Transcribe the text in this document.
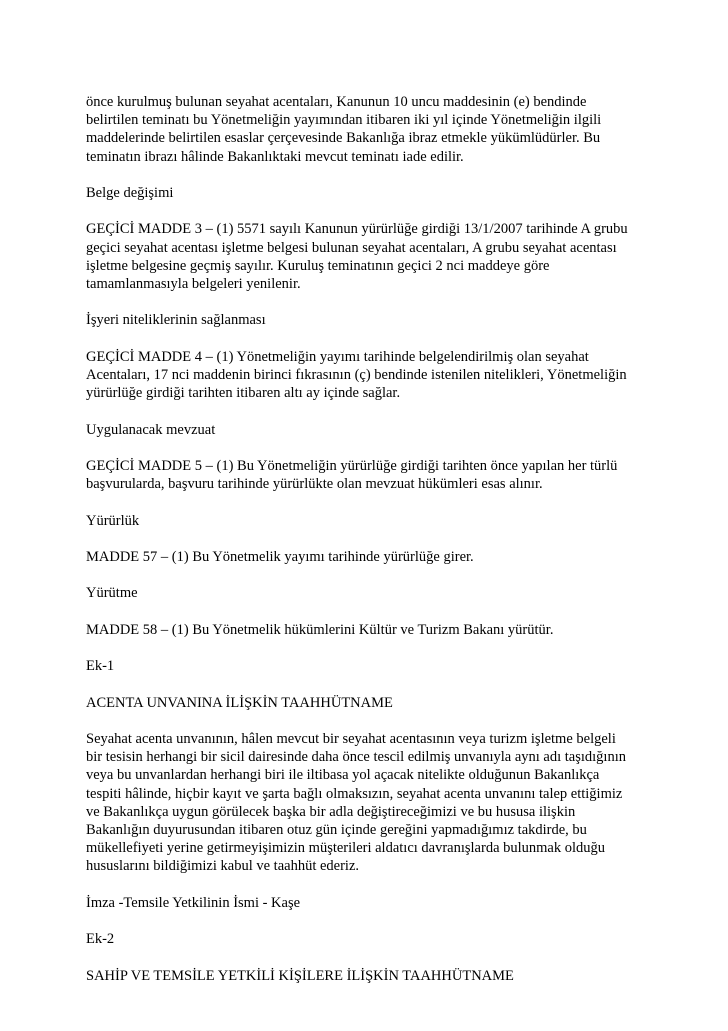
önce kurulmuş bulunan seyahat acentaları, Kanunun 10 uncu maddesinin (e) bendinde
belirtilen teminatı bu Yönetmeliğin yayımından itibaren iki yıl içinde Yönetmeliğin ilgili
maddelerinde belirtilen esaslar çerçevesinde Bakanlığa ibraz etmekle yükümlüdürler. Bu
teminatın ibrazı hâlinde Bakanlıktaki mevcut teminatı iade edilir.

Belge değişimi

GEÇİCİ MADDE 3 – (1) 5571 sayılı Kanunun yürürlüğe girdiği 13/1/2007 tarihinde A grubu
geçici seyahat acentası işletme belgesi bulunan seyahat acentaları, A grubu seyahat acentası
işletme belgesine geçmiş sayılır. Kuruluş teminatının geçici 2 nci maddeye göre
tamamlanmasıyla belgeleri yenilenir.

İşyeri niteliklerinin sağlanması

GEÇİCİ MADDE 4 – (1) Yönetmeliğin yayımı tarihinde belgelendirilmiş olan seyahat
Acentaları, 17 nci maddenin birinci fıkrasının (ç) bendinde istenilen nitelikleri, Yönetmeliğin
yürürlüğe girdiği tarihten itibaren altı ay içinde sağlar.

Uygulanacak mevzuat

GEÇİCİ MADDE 5 – (1) Bu Yönetmeliğin yürürlüğe girdiği tarihten önce yapılan her türlü
başvurularda, başvuru tarihinde yürürlükte olan mevzuat hükümleri esas alınır.

Yürürlük

MADDE 57 – (1) Bu Yönetmelik yayımı tarihinde yürürlüğe girer.

Yürütme

MADDE 58 – (1) Bu Yönetmelik hükümlerini Kültür ve Turizm Bakanı yürütür.

Ek-1

ACENTA UNVANINA İLİŞKİN TAAHHÜTNAME

Seyahat acenta unvanının, hâlen mevcut bir seyahat acentasının veya turizm işletme belgeli
bir tesisin herhangi bir sicil dairesinde daha önce tescil edilmiş unvanıyla aynı adı taşıdığının
veya bu unvanlardan herhangi biri ile iltibasa yol açacak nitelikte olduğunun Bakanlıkça
tespiti hâlinde, hiçbir kayıt ve şarta bağlı olmaksızın, seyahat acenta unvanını talep ettiğimiz
ve Bakanlıkça uygun görülecek başka bir adla değiştireceğimizi ve bu hususa ilişkin
Bakanlığın duyurusundan itibaren otuz gün içinde gereğini yapmadığımız takdirde, bu
mükellefiyeti yerine getirmeyişimizin müşterileri aldatıcı davranışlarda bulunmak olduğu
hususlarını bildiğimizi kabul ve taahhüt ederiz.

İmza -Temsile Yetkilinin İsmi - Kaşe

Ek-2

SAHİP VE TEMSİLE YETKİLİ KİŞİLERE İLİŞKİN TAAHHÜTNAME
